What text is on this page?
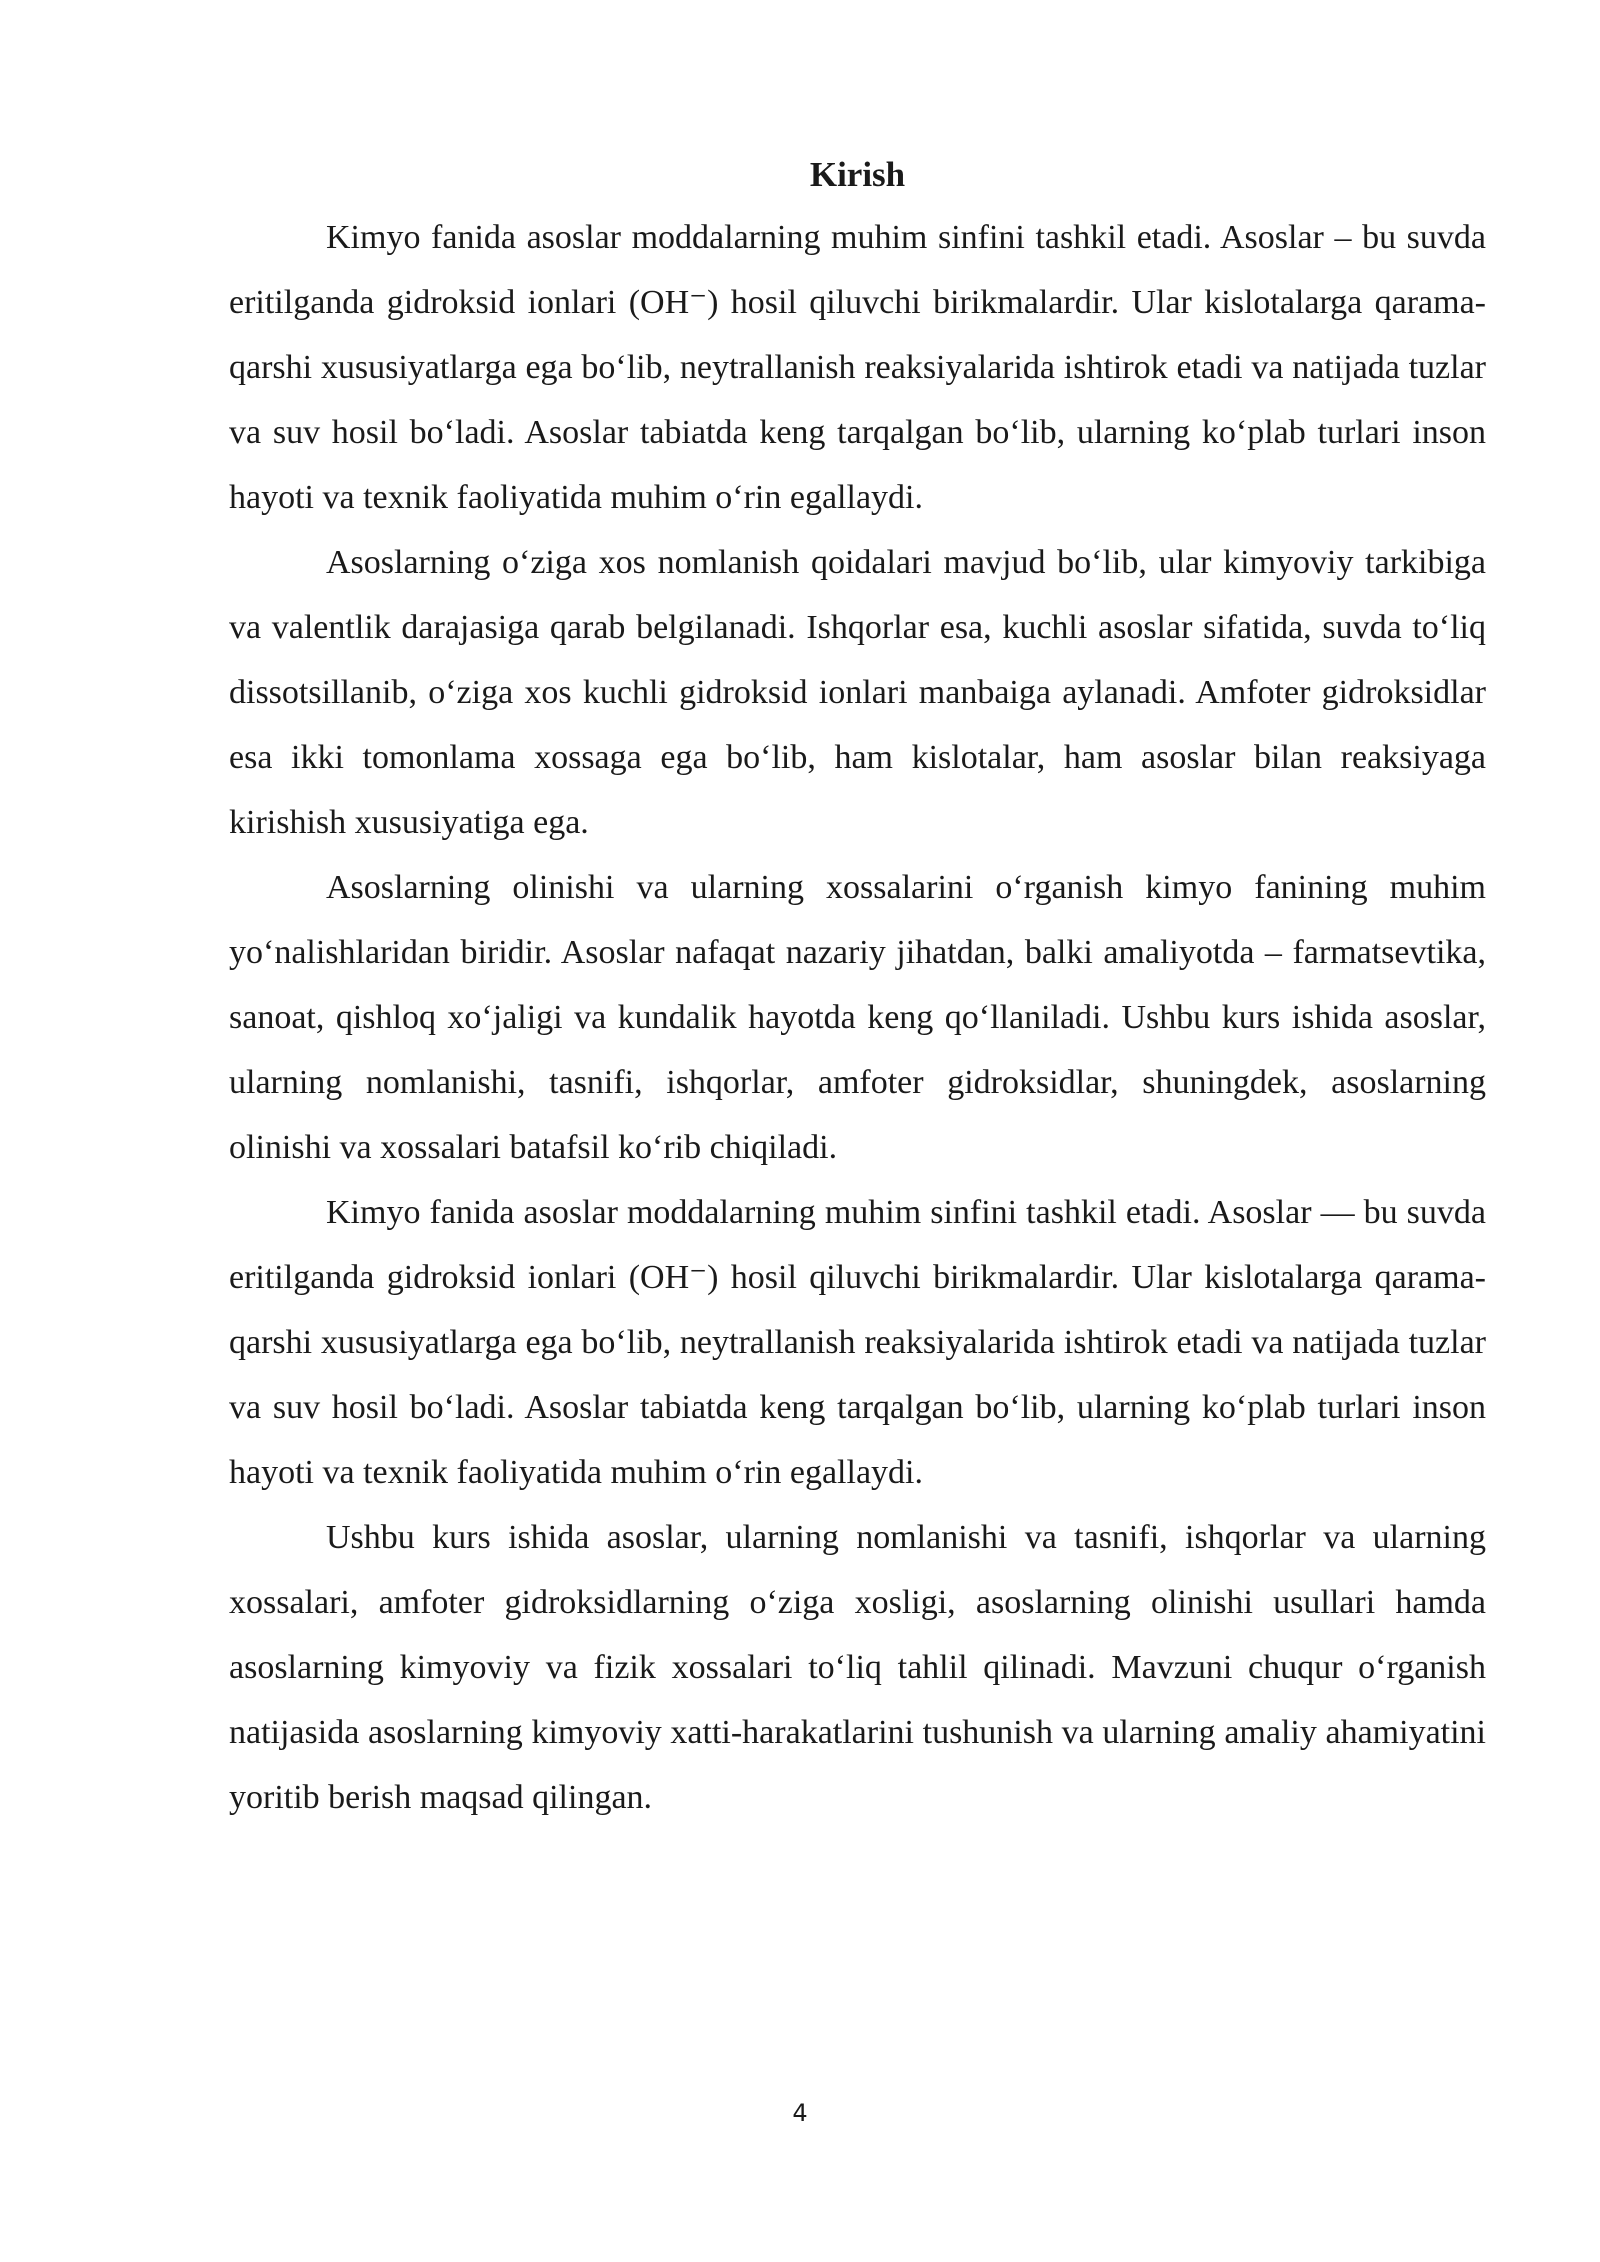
Kirish

Kimyo fanida asoslar moddalarning muhim sinfini tashkil etadi. Asoslar – bu suvda eritilganda gidroksid ionlari (OH⁻) hosil qiluvchi birikmalardir. Ular kislotalarga qarama-qarshi xususiyatlarga ega bo‘lib, neytrallanish reaksiyalarida ishtirok etadi va natijada tuzlar va suv hosil bo‘ladi. Asoslar tabiatda keng tarqalgan bo‘lib, ularning ko‘plab turlari inson hayoti va texnik faoliyatida muhim o‘rin egallaydi.

Asoslarning o‘ziga xos nomlanish qoidalari mavjud bo‘lib, ular kimyoviy tarkibiga va valentlik darajasiga qarab belgilanadi. Ishqorlar esa, kuchli asoslar sifatida, suvda to‘liq dissotsillanib, o‘ziga xos kuchli gidroksid ionlari manbaiga aylanadi. Amfoter gidroksidlar esa ikki tomonlama xossaga ega bo‘lib, ham kislotalar, ham asoslar bilan reaksiyaga kirishish xususiyatiga ega.

Asoslarning olinishi va ularning xossalarini o‘rganish kimyo fanining muhim yo‘nalishlaridan biridir. Asoslar nafaqat nazariy jihatdan, balki amaliyotda – farmatsevtika, sanoat, qishloq xo‘jaligi va kundalik hayotda keng qo‘llaniladi. Ushbu kurs ishida asoslar, ularning nomlanishi, tasnifi, ishqorlar, amfoter gidroksidlar, shuningdek, asoslarning olinishi va xossalari batafsil ko‘rib chiqiladi.

Kimyo fanida asoslar moddalarning muhim sinfini tashkil etadi. Asoslar — bu suvda eritilganda gidroksid ionlari (OH⁻) hosil qiluvchi birikmalardir. Ular kislotalarga qarama-qarshi xususiyatlarga ega bo‘lib, neytrallanish reaksiyalarida ishtirok etadi va natijada tuzlar va suv hosil bo‘ladi. Asoslar tabiatda keng tarqalgan bo‘lib, ularning ko‘plab turlari inson hayoti va texnik faoliyatida muhim o‘rin egallaydi.

Ushbu kurs ishida asoslar, ularning nomlanishi va tasnifi, ishqorlar va ularning xossalari, amfoter gidroksidlarning o‘ziga xosligi, asoslarning olinishi usullari hamda asoslarning kimyoviy va fizik xossalari to‘liq tahlil qilinadi. Mavzuni chuqur o‘rganish natijasida asoslarning kimyoviy xatti-harakatlarini tushunish va ularning amaliy ahamiyatini yoritib berish maqsad qilingan.

4
